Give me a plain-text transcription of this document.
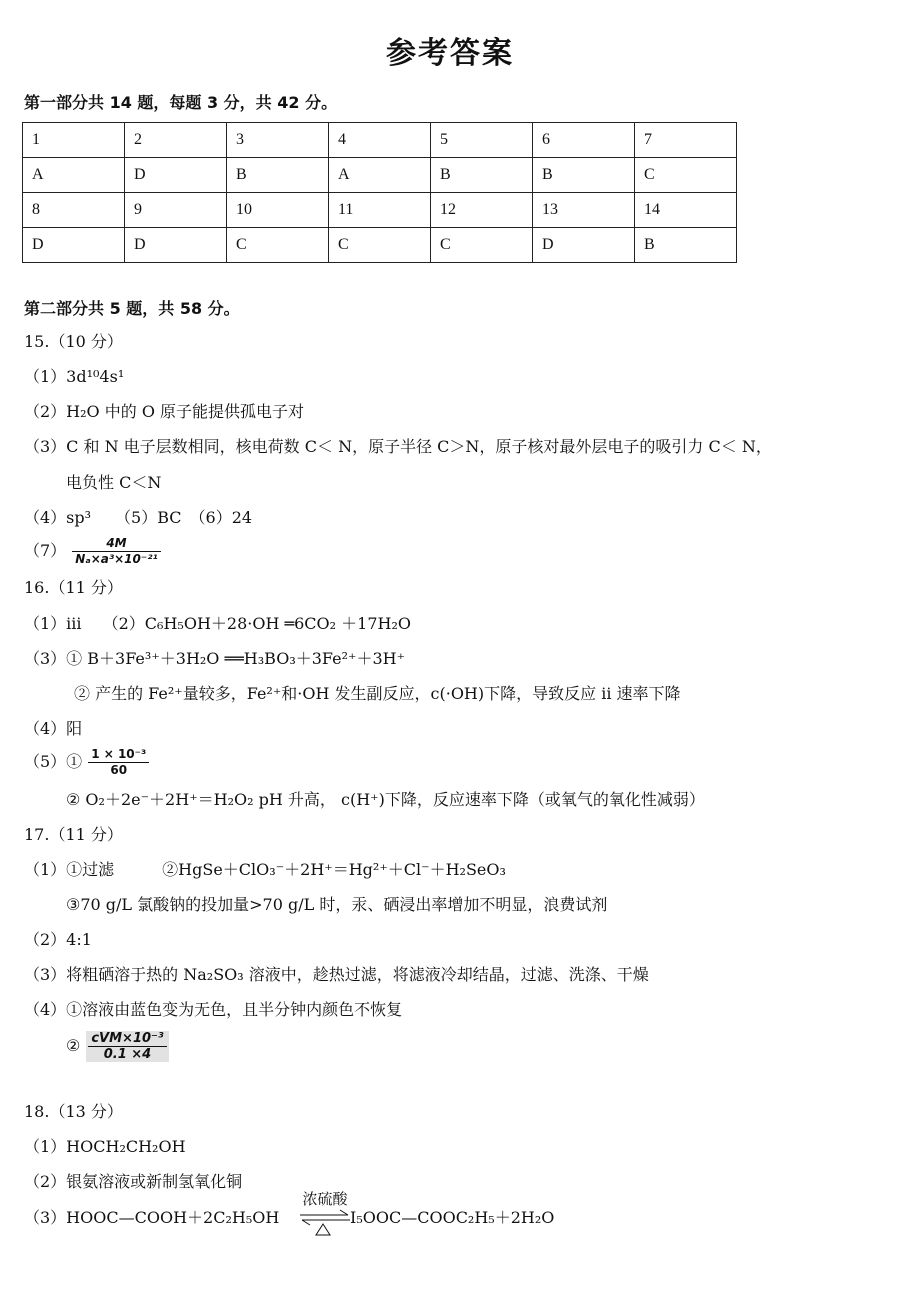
参考答案
第一部分共 14 题，每题 3 分，共 42 分。
1	2	3	4	5	6	7
A	D	B	A	B	B	C
8	9	10	11	12	13	14
D	D	C	C	C	D	B
第二部分共 5 题，共 58 分。
15.（10 分）
（1）3d¹⁰4s¹
（2）H₂O 中的 O 原子能提供孤电子对
（3）C 和 N 电子层数相同，核电荷数 C＜ N，原子半径 C＞N，原子核对最外层电子的吸引力 C＜ N，
电负性 C＜N
（4）sp³　　（5）BC　（6）24
$(7) \frac{4M}{\text{Nₐ×a³×10⁻²¹}}$
16.（11 分）
（1）iii　 （2）C₆H₅OH＋28·OH ═6CO₂ ＋17H₂O
（3）① B＋3Fe³⁺＋3H₂O ══H₃BO₃＋3Fe²⁺＋3H⁺
② 产生的 Fe²⁺量较多，Fe²⁺和·OH 发生副反应，c(·OH)下降，导致反应 ii 速率下降
（4）阳
（5）① $\frac{\text{1 × 10⁻³}}{60}$
② O₂＋2e⁻＋2H⁺＝H₂O₂ pH 升高， c(H⁺)下降，反应速率下降（或氧气的氧化性减弱）
17.（11 分）
（1）①过滤　　　②HgSe＋ClO₃⁻＋2H⁺＝Hg²⁺＋Cl⁻＋H₂SeO₃
③70 g/L 氯酸钠的投加量>70 g/L 时，汞、硒浸出率增加不明显，浪费试剂
（2）4:1
（3）将粗硒溶于热的 Na₂SO₃ 溶液中，趁热过滤，将滤液冷却结晶，过滤、洗涤、干燥
（4）①溶液由蓝色变为无色，且半分钟内颜色不恢复
② $\frac{\text{cVM×10⁻³}}{0.1 \times 4}$
18.（13 分）
（1）HOCH₂CH₂OH
（2）银氨溶液或新制氢氧化铜
（3）HOOC—COOH＋2C₂H₅OH
浓硫酸
I₅OOC—COOC₂H₅＋2H₂O
